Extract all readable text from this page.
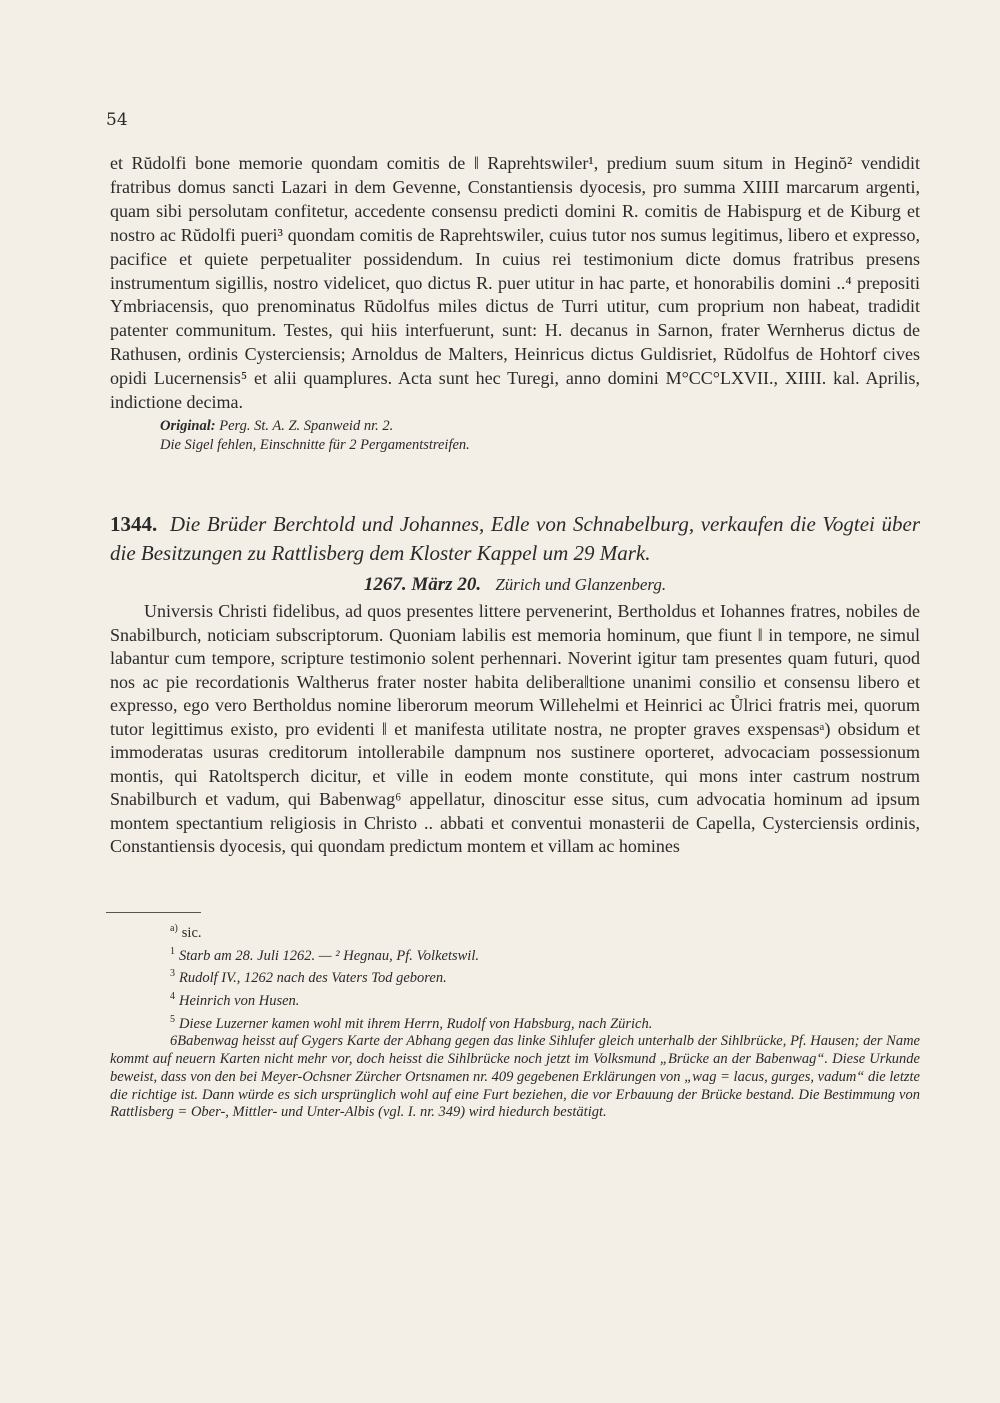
54

et Rŭdolfi bone memorie quondam comitis de ‖ Raprehtswiler¹, predium suum situm in Heginŏ² vendidit fratribus domus sancti Lazari in dem Gevenne, Constantiensis dyocesis, pro summa XIIII marcarum argenti, quam sibi persolutam confitetur, accedente consensu predicti domini R. comitis de Habispurg et de Kiburg et nostro ac Rŭdolfi pueri³ quondam comitis de Raprehtswiler, cuius tutor nos sumus legitimus, libero et expresso, pacifice et quiete perpetualiter possidendum. In cuius rei testimonium dicte domus fratribus presens instrumentum sigillis, nostro videlicet, quo dictus R. puer utitur in hac parte, et honorabilis domini ..⁴ prepositi Ymbriacensis, quo prenominatus Rŭdolfus miles dictus de Turri utitur, cum proprium non habeat, tradidit patenter communitum. Testes, qui hiis interfuerunt, sunt: H. decanus in Sarnon, frater Wernherus dictus de Rathusen, ordinis Cysterciensis; Arnoldus de Malters, Heinricus dictus Guldisriet, Rŭdolfus de Hohtorf cives opidi Lucernensis⁵ et alii quamplures. Acta sunt hec Turegi, anno domini M°CC°LXVII., XIIII. kal. Aprilis, indictione decima.

Original: Perg. St. A. Z. Spanweid nr. 2.
Die Sigel fehlen, Einschnitte für 2 Pergamentstreifen.

1344. Die Brüder Berchtold und Johannes, Edle von Schnabelburg, verkaufen die Vogtei über die Besitzungen zu Rattlisberg dem Kloster Kappel um 29 Mark.

1267. März 20. Zürich und Glanzenberg.

Universis Christi fidelibus, ad quos presentes littere pervenerint, Bertholdus et Iohannes fratres, nobiles de Snabilburch, noticiam subscriptorum. Quoniam labilis est memoria hominum, que fiunt ‖ in tempore, ne simul labantur cum tempore, scripture testimonio solent perhennari. Noverint igitur tam presentes quam futuri, quod nos ac pie recordationis Waltherus frater noster habita delibera‖tione unanimi consilio et consensu libero et expresso, ego vero Bertholdus nomine liberorum meorum Willehelmi et Heinrici ac Ůlrici fratris mei, quorum tutor legittimus existo, pro evidenti ‖ et manifesta utilitate nostra, ne propter graves exspensasᵃ) obsidum et immoderatas usuras creditorum intollerabile dampnum nos sustinere oporteret, advocaciam possessionum montis, qui Ratoltsperch dicitur, et ville in eodem monte constitute, qui mons inter castrum nostrum Snabilburch et vadum, qui Babenwag⁶ appellatur, dinoscitur esse situs, cum advocatia hominum ad ipsum montem spectantium religiosis in Christo .. abbati et conventui monasterii de Capella, Cysterciensis ordinis, Constantiensis dyocesis, qui quondam predictum montem et villam ac homines

$^{a)}$ sic.
$^1$ Starb am 28. Juli 1262. — ² Hegnau, Pf. Volketswil.
$^3$ Rudolf IV., 1262 nach des Vaters Tod geboren.
$^4$ Heinrich von Husen.
$^5$ Diese Luzerner kamen wohl mit ihrem Herrn, Rudolf von Habsburg, nach Zürich.
6Babenwag heisst auf Gygers Karte der Abhang gegen das linke Sihlufer gleich unterhalb der Sihlbrücke, Pf. Hausen; der Name kommt auf neuern Karten nicht mehr vor, doch heisst die Sihlbrücke noch jetzt im Volksmund „Brücke an der Babenwag“. Diese Urkunde beweist, dass von den bei Meyer-Ochsner Zürcher Ortsnamen nr. 409 gegebenen Erklärungen von „wag = lacus, gurges, vadum“ die letzte die richtige ist. Dann würde es sich ursprünglich wohl auf eine Furt beziehen, die vor Erbauung der Brücke bestand. Die Bestimmung von Rattlisberg = Ober-, Mittler- und Unter-Albis (vgl. I. nr. 349) wird hiedurch bestätigt.
